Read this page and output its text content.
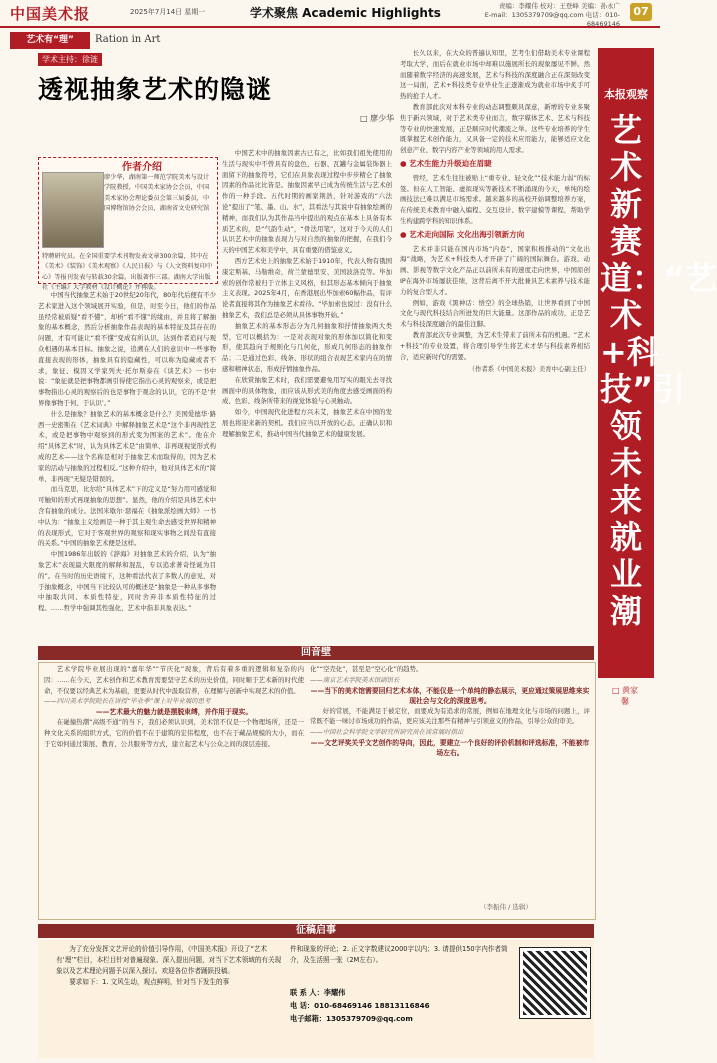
中国美术报	2025年7月14日 星期一	学术聚焦 Academic Highlights	责编：李耀伟 校对：王登峰 美编：孙永广
E-mail：1305379709@qq.com 电话：010-68469146
07
艺术有“理”	Ration in Art
学术主持：徐涟
透视抽象艺术的隐谜
□ 廖少华
作者介绍
廖少华，湖南第一师范学院美术与设计学院教授，中国美术家协会会员，中国美术家协会理论委员会第三届委员，中国博物馆协会会员，湖南省文史研究馆
特聘研究员。在全国重要学术刊物发表文章300余篇，其中在《美术》《装饰》《美术观察》《人民日报》与《人文资料复印中心》等报刊发表与转载30余篇。出版著作三部。湖南大学出版社《主编》大学教材《设计概论》并再版。

中国当代抽象艺术始于20世纪20年代，80年代后便有不少艺术家进入这个领域展开实验，但是，时至今日，他们的作品虽经常被质疑“看不懂”，却析“看不懂”的缘由，并且将了解抽象的基本概念，然后分析抽象作品表现的基本特征及其存在的问题，才有可能让“看不懂”变成有所认识，达到作者追问与观众相遇的基本目标。抽象之说，追溯在人们的意识中一些事物直接表现的形体，抽象具有的隐藏性，可以称为隐藏或者不求，象征、模因又学家列夫·托尔斯泰在《谈艺术》一书中说：“象征就是把事物都画引得使它指出心灵的观察来，或是把事物指出心灵的观察后的也是事物于观念的认识，它的不是‘世界像事物于何、于认识’。”

什么是抽象？抽象艺术的基本概念是什么？美国爱德华·路西一史密斯在《艺术词典》中解释抽象艺术是“这个非再现性艺术，或是把事物中观察到的形式变为图案的艺术”。他在介绍“具体艺术”时，认为具体艺术是“由简单、非再现视觉形式构成的艺术——这个名称是相对于抽象艺术而取得的，因为艺术家的活动与抽象的过程相反。”这种介绍中，他对具体艺术的“简单、非再现”无疑是错误的。

而马克思，比尔给“具体艺术”下的定义是“努力用可感觉和可触知的形式再现抽象的思想”。显然，他的介绍是具体艺术中含有抽象的成分。法国米歇尔·瑟福在《抽象派绘画大师》一书中认为：“抽象主义绘画是一种于其主观生命去感受世界和精神的表现形式，它对于客观世界的观察和现实事物之间没有直接的关系。”中国的抽象艺术便是这样。

中国1986年出版的《辞海》对抽象艺术的介绍，认为“抽象艺术”表现最大限度的解释和混乱，专以追求著奇怪诞为目的”。在当时的历史语境下，这种看法代表了多数人的意见，对于抽象概念，中国当下比较认可的概述是“抽象是一种从多事物中抽取共同、本质性特征，同时舍弃非本质性特征的过程。……哲学中强调其性强化，艺术中指非具象表达。”

中国艺术中的抽象因素古已有之，比如我们祖先使用的生活与现实中不曾具有的盘色，石器、瓦罐与金属装饰器上面留下的抽象符号，它们在具象表现过程中步步精仑了抽象因素的作品比比皆是。抽象因素早已成为传统生活与艺术创作的一种手段。五代时期的画家荆浩，针对游戏的“六法论”提出了“笔、墨、山、水”，其看法与其说中有抽象绘画的精神，而我们认为其作品当中提出的观点在基本上具备有本质艺术的，是“气韵生动”，“骨法用笔”，这对于今天的人们认识艺术中的抽象表现力与对自然的抽象的把握，在我们今天的中国艺术和美学中，具有重要的借鉴意义。

西方艺术史上的抽象艺术始于1910年，代表人物有俄国康定斯基、马勒维奇，荷兰蒙德里安、美国波洛克等。毕加索的创作常被归于立体主义风格，但其形态基本倾向于抽象主义表现。2025年4月，在香港展出毕加索60幅作品，有评论者直接将其作为抽象艺术看待。“毕加索也说过：没有什么抽象艺术，我们总是必须从具体事物开始。”

抽象艺术的基本形态分为几何抽象和抒情抽象两大类型，它可以概括为：一是对表现对象的形体加以简化和变形，使其趋向于规则化与几何化，形成几何形态的抽象作品；二是通过色彩、线条、形状的组合表现艺术家内在的情感和精神状态，形成抒情抽象作品。

在欣赏抽象艺术时，我们需要避免用写实的眼光去寻找画面中的具体物象，而应该从形式美的角度去感受画面的构成、色彩、线条所带来的视觉体验与心灵触动。

如今，中国现代化进程方兴未艾，抽象艺术在中国的发展也将迎来新的契机。我们应当以开放的心态，正确认识和理解抽象艺术，推动中国当代抽象艺术的健康发展。

长久以来，在大众的普遍认知里，艺考生们借助美术专业课程考取大学，而后在就业市场中却难以施展所长的现象屡见不鲜。然而随着数字经济的高速发展，艺术与科技的深度融合正在深刻改变这一局面，艺术+科技类专业毕业生正逐渐成为就业市场中炙手可热的抢手人才。

教育部此次对本科专业的动态调整颇具深意，新增的专业多聚焦于新兴领域，对于艺术类专业而言，数字媒体艺术、艺术与科技等专业的快速发展，正是顺应时代潮流之举。这些专业培养的学生既掌握艺术创作能力，又具备一定的技术应用能力，能够适应文化创意产业、数字内容产业等领域的用人需求。

● 艺术生能力升级迫在眉睫

曾经，艺术生往往被贴上“重专业、轻文化”“技术能力弱”的标签。但在人工智能、虚拟现实等新技术不断涌现的今天，单纯的绘画技法已难以满足市场需求。越来越多的高校开始调整培养方案，在传统美术教育中融入编程、交互设计、数字建模等课程，帮助学生构建跨学科的知识体系。

● 艺术走向国际 文化出海引领新方向

艺术并非只能在国内市场“内卷”，国家积极推动的“文化出海”战略，为艺术+科技类人才开辟了广阔的国际舞台。游戏、动画、影视等数字文化产品正以前所未有的速度走向世界，中国原创IP在海外市场屡获佳绩，这背后离不开大批兼具艺术素养与技术能力的复合型人才。

例如，游戏《黑神话：悟空》的全球热销，让世界看到了中国文化与现代科技结合所迸发的巨大能量。这部作品的成功，正是艺术与科技深度融合的最佳注脚。

教育部此次专业调整，为艺术生带来了前所未有的机遇。“艺术+科技”的专业设置，将合理引导学生将艺术才华与科技素养相结合，适应新时代的需要。

（作者系《中国美术报》美育中心副主任）

本报观察
艺术新赛道：“艺术+科技”引领未来就业潮
□ 黄家馨
回音壁

艺术学院毕业展出现的“嘉年华”“节庆化”现象，背后有着多重的逻辑和复杂的内因：……在今天，艺术创作和艺术教育需要坚守艺术的历史价值，同时顺于艺术新的时代使命，不仅要以经典艺术为基础，更要从时代中汲取营养，在理解与创新中实现艺术的价值。

——四川美术学院院长在讲授“毕业季”课上对毕业展的思考

——艺术最大的魅力就是摆脱束缚，并作用于现实。

在碰撞热潮“高级不通”的当下，我们必须认识到，美术馆不仅是一个物理场所，还是一种文化关系的组织方式，它的价值不在于建筑的宏伟程度，也不在于藏品规模的大小，而在于它如何通过策展、教育、公共服务等方式，建立起艺术与公众之间的深层连接。

化”“空壳化”，甚至是“空心化”的趋势。

——南京艺术学院美术馆副馆长

——当下的美术馆需要回归艺术本体，不能仅是一个单纯的静态展示，更应通过策展思维来实现社会与文化的深度思考。

好的常展，不能满足于被定位，而要成为有追求的常展，例如在地理文化与市场的问题上，评常既不能一味讨市场成功的作品，更应该关注那些有精神与引领意义的作品，引导公众的审美。

——中国社会科学院文学研究所研究员在谈常展时指出

——文艺评奖关乎文艺创作的导向，因此，要建立一个良好的评价机制和评选标准，不能被市场左右。
（李振伟 / 选辑）
征稿启事
为了充分发挥文艺评论的价值引导作用，《中国美术报》开设了“艺术有‘理’”栏目，本栏目针对普遍现象、深入提出问题，对当下艺术领域的有关现象以及艺术理论问题予以深入探讨。欢迎各位作者踊跃投稿。
要求如下：1. 文风生动，观点鲜明，针对当下发生的事
件和现象的评论；2. 正文字数建议2000字以内；3. 请提供150字内作者简介，及生活照一张（2M左右）。
联 系 人：李耀伟
电 话：010-68469146 18813116846
电子邮箱：1305379709@qq.com
